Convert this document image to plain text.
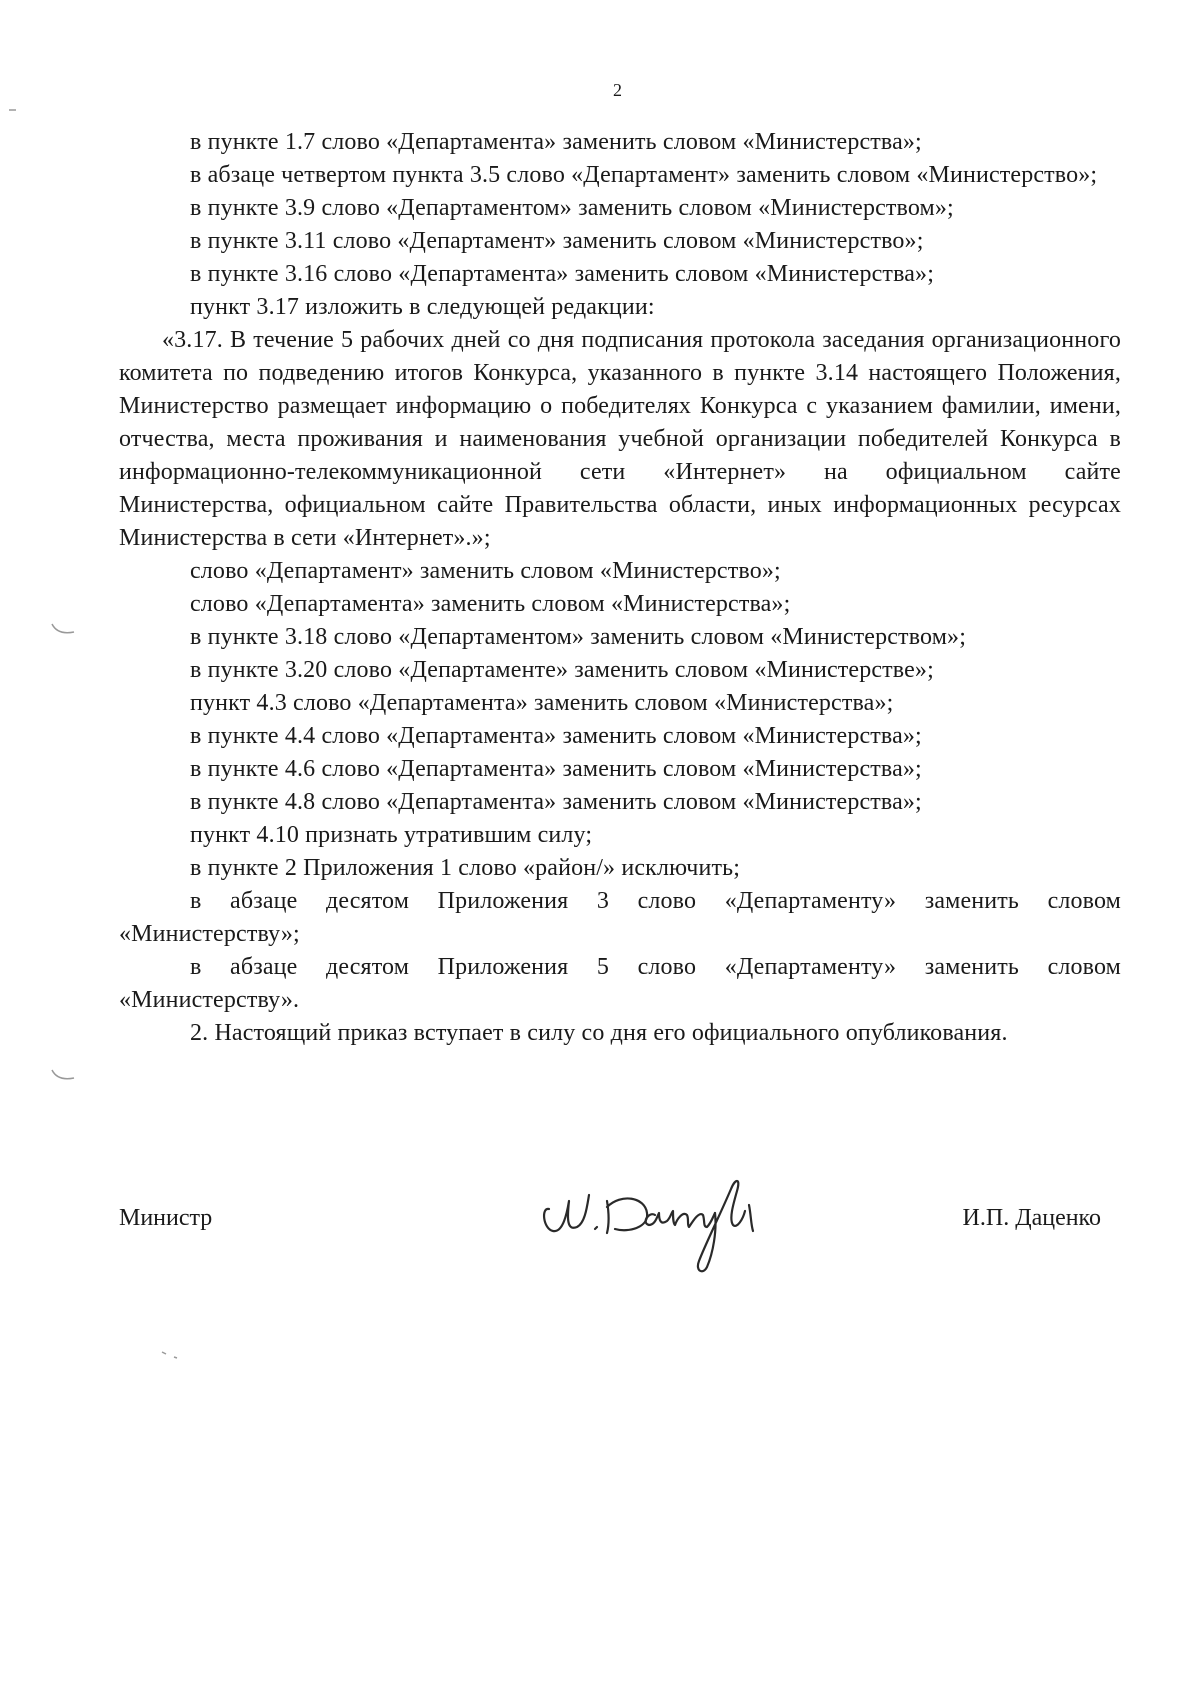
2

в пункте 1.7 слово «Департамента» заменить словом «Министерства»;

в абзаце четвертом пункта 3.5 слово «Департамент» заменить словом «Министерство»;

в пункте 3.9 слово «Департаментом» заменить словом «Министерством»;

в пункте 3.11 слово «Департамент» заменить словом «Министерство»;

в пункте 3.16 слово «Департамента» заменить словом «Министерства»;

пункт 3.17 изложить в следующей редакции:

«3.17. В течение 5 рабочих дней со дня подписания протокола заседания организационного комитета по подведению итогов Конкурса, указанного в пункте 3.14 настоящего Положения, Министерство размещает информацию о победителях Конкурса с указанием фамилии, имени, отчества, места проживания и наименования учебной организации победителей Конкурса в информационно-телекоммуникационной сети «Интернет» на официальном сайте Министерства, официальном сайте Правительства области, иных информационных ресурсах Министерства в сети «Интернет».»;

слово «Департамент» заменить словом «Министерство»;

слово «Департамента» заменить словом «Министерства»;

в пункте 3.18 слово «Департаментом» заменить словом «Министерством»;

в пункте 3.20 слово «Департаменте» заменить словом «Министерстве»;

пункт 4.3 слово «Департамента» заменить словом «Министерства»;

в пункте 4.4 слово «Департамента» заменить словом «Министерства»;

в пункте 4.6 слово «Департамента» заменить словом «Министерства»;

в пункте 4.8 слово «Департамента» заменить словом «Министерства»;

пункт 4.10 признать утратившим силу;

в пункте 2 Приложения 1 слово «район/» исключить;

в абзаце десятом Приложения 3 слово «Департаменту» заменить словом «Министерству»;

в абзаце десятом Приложения 5 слово «Департаменту» заменить словом «Министерству».

2. Настоящий приказ вступает в силу со дня его официального опубликования.

Министр	И.П. Даценко
